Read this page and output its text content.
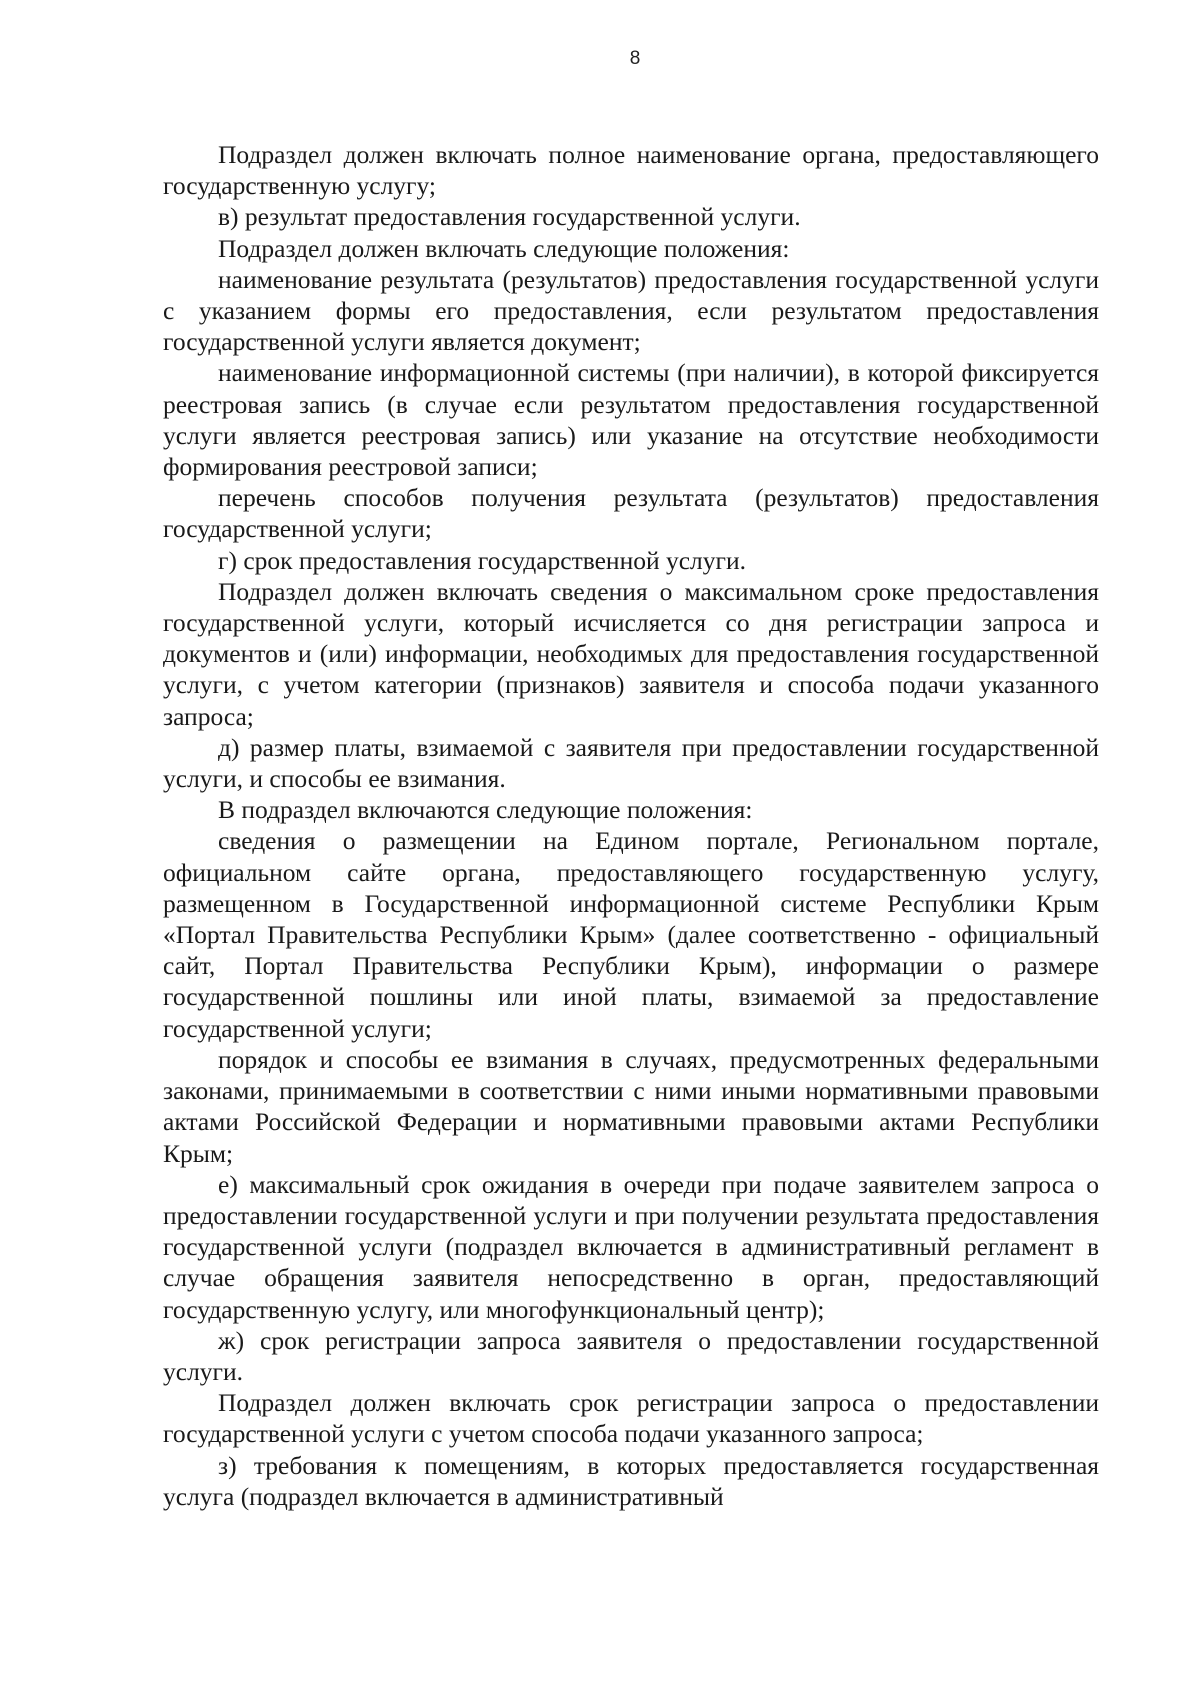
8

Подраздел должен включать полное наименование органа, предоставляющего государственную услугу;

в) результат предоставления государственной услуги.

Подраздел должен включать следующие положения:

наименование результата (результатов) предоставления государственной услуги с указанием формы его предоставления, если результатом предоставления государственной услуги является документ;

наименование информационной системы (при наличии), в которой фиксируется реестровая запись (в случае если результатом предоставления государственной услуги является реестровая запись) или указание на отсутствие необходимости формирования реестровой записи;

перечень способов получения результата (результатов) предоставления государственной услуги;

г) срок предоставления государственной услуги.

Подраздел должен включать сведения о максимальном сроке предоставления государственной услуги, который исчисляется со дня регистрации запроса и документов и (или) информации, необходимых для предоставления государственной услуги, с учетом категории (признаков) заявителя и способа подачи указанного запроса;

д) размер платы, взимаемой с заявителя при предоставлении государственной услуги, и способы ее взимания.

В подраздел включаются следующие положения:

сведения о размещении на Едином портале, Региональном портале, официальном сайте органа, предоставляющего государственную услугу, размещенном в Государственной информационной системе Республики Крым «Портал Правительства Республики Крым» (далее соответственно - официальный сайт, Портал Правительства Республики Крым), информации о размере государственной пошлины или иной платы, взимаемой за предоставление государственной услуги;

порядок и способы ее взимания в случаях, предусмотренных федеральными законами, принимаемыми в соответствии с ними иными нормативными правовыми актами Российской Федерации и нормативными правовыми актами Республики Крым;

е) максимальный срок ожидания в очереди при подаче заявителем запроса о предоставлении государственной услуги и при получении результата предоставления государственной услуги (подраздел включается в административный регламент в случае обращения заявителя непосредственно в орган, предоставляющий государственную услугу, или многофункциональный центр);

ж) срок регистрации запроса заявителя о предоставлении государственной услуги.

Подраздел должен включать срок регистрации запроса о предоставлении государственной услуги с учетом способа подачи указанного запроса;

з) требования к помещениям, в которых предоставляется государственная услуга (подраздел включается в административный
